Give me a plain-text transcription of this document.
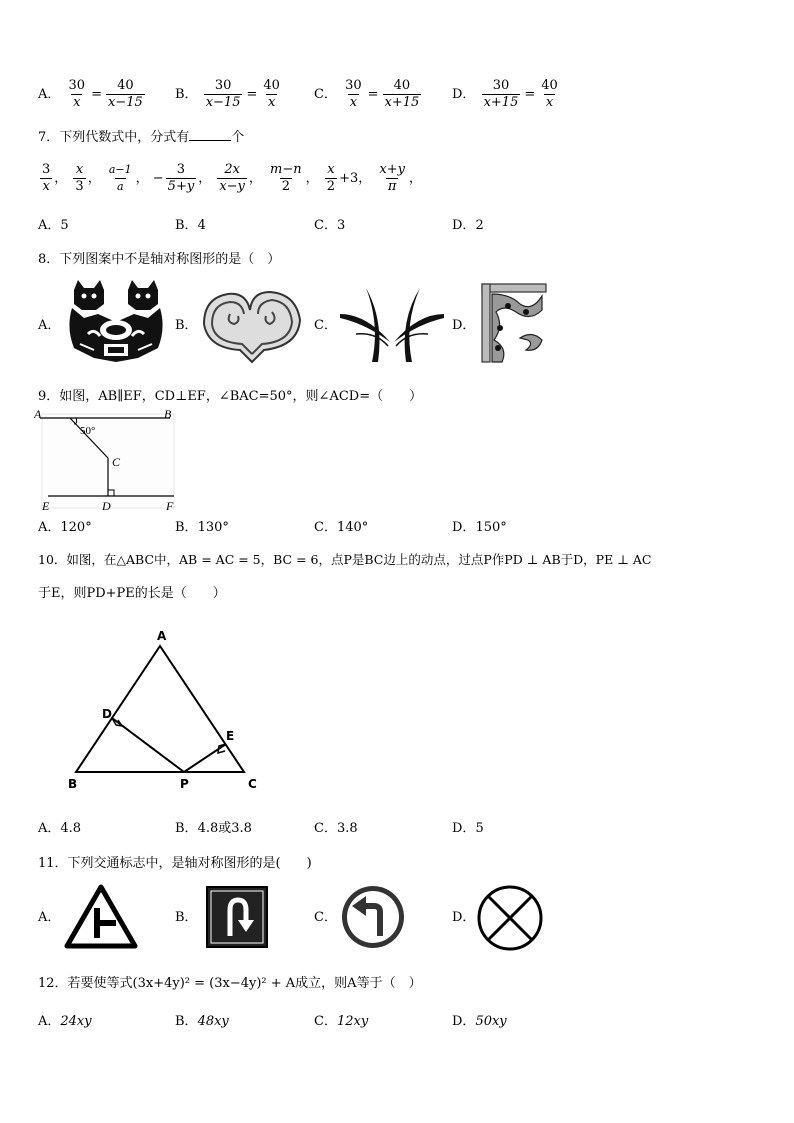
A． $\frac{30}{x} = \frac{40}{x-15}$ B． $\frac{30}{x-15} = \frac{40}{x}$ C． $\frac{30}{x} = \frac{40}{x+15}$ D． $\frac{30}{x+15} = \frac{40}{x}$
7．下列代数式中，分式有	个
$\frac{3}{x}$ ， $\frac{x}{3}$ ， $\frac{a-1}{a}$ ， − $\frac{3}{5+y}$ ， $\frac{2x}{x-y}$ ， $\frac{m-n}{2}$ ， $\frac{x}{2} +3$， $\frac{x+y}{\pi}$ ，
A．5	B．4	C．3	D．2
8．下列图案中不是轴对称图形的是（　）
A．	B．	C．	D．
9．如图，AB∥EF，CD⊥EF，∠BAC=50°，则∠ACD=（　　）
A	B
50°
C
D
E	F
A．120°	B．130°	C．140°	D．150°
10．如图，在△ABC中，AB = AC = 5，BC = 6，点P是BC边上的动点，过点P作PD ⊥ AB于D，PE ⊥ AC
于E，则PD+PE的长是（　　）
A
B	C
D
E
P
A．4.8	B．4.8或3.8	C．3.8	D．5
11．下列交通标志中，是轴对称图形的是(　　)
A．	B．	C．	D．
12．若要使等式(3x+4y)² = (3x−4y)² + A成立，则A等于（　）
A．24xy	B．48xy	C．12xy	D．50xy
